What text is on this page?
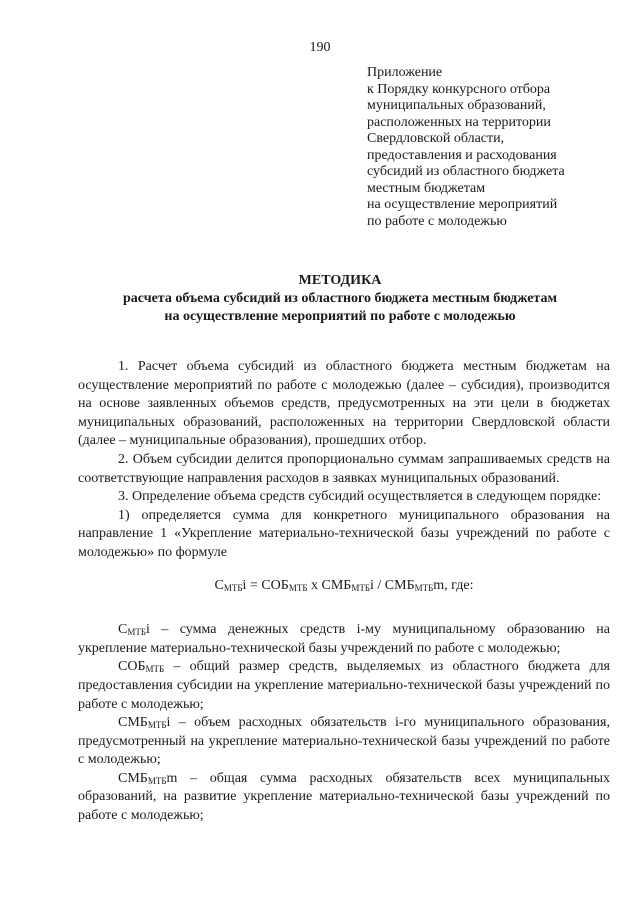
190
Приложение
к Порядку конкурсного отбора
муниципальных образований,
расположенных на территории
Свердловской области,
предоставления и расходования
субсидий из областного бюджета
местным бюджетам
на осуществление мероприятий
по работе с молодежью
МЕТОДИКА
расчета объема субсидий из областного бюджета местным бюджетам
на осуществление мероприятий по работе с молодежью

1. Расчет объема субсидий из областного бюджета местным бюджетам на осуществление мероприятий по работе с молодежью (далее – субсидия), производится на основе заявленных объемов средств, предусмотренных на эти цели в бюджетах муниципальных образований, расположенных на территории Свердловской области (далее – муниципальные образования), прошедших отбор.

2. Объем субсидии делится пропорционально суммам запрашиваемых средств на соответствующие направления расходов в заявках муниципальных образований.

3. Определение объема средств субсидий осуществляется в следующем порядке:

1) определяется сумма для конкретного муниципального образования на направление 1 «Укрепление материально-технической базы учреждений по работе с молодежью» по формуле

$С_{МТБ}i = СОБ_{МТБ}$ х $СМБ_{МТБ}i / СМБ_{МТБ}m$, где:

$С_{МТБ}i$ – сумма денежных средств i-му муниципальному образованию на укрепление материально-технической базы учреждений по работе с молодежью;

$СОБ_{МТБ}$ – общий размер средств, выделяемых из областного бюджета для предоставления субсидии на укрепление материально-технической базы учреждений по работе с молодежью;

$СМБ_{МТБ}i$ – объем расходных обязательств i-го муниципального образования, предусмотренный на укрепление материально-технической базы учреждений по работе с молодежью;

$СМБ_{МТБ}m$ – общая сумма расходных обязательств всех муниципальных образований, на развитие укрепление материально-технической базы учреждений по работе с молодежью;
